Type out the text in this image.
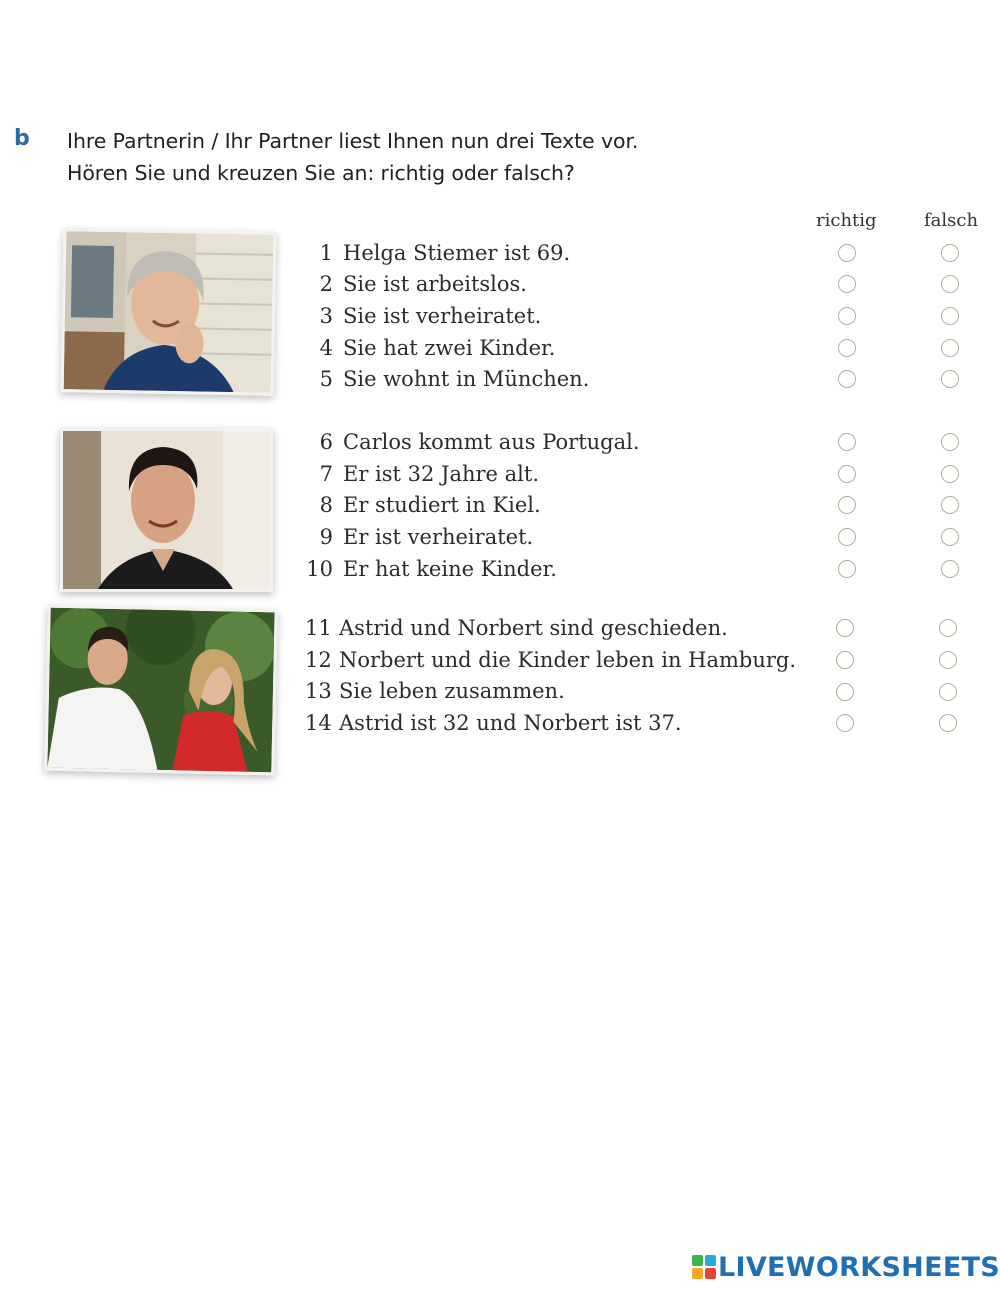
b Ihre Partnerin / Ihr Partner liest Ihnen nun drei Texte vor.
Hören Sie und kreuzen Sie an: richtig oder falsch?
richtig	falsch
1 Helga Stiemer ist 69.
2 Sie ist arbeitslos.
3 Sie ist verheiratet.
4 Sie hat zwei Kinder.
5 Sie wohnt in München.
6 Carlos kommt aus Portugal.
7 Er ist 32 Jahre alt.
8 Er studiert in Kiel.
9 Er ist verheiratet.
10 Er hat keine Kinder.
11 Astrid und Norbert sind geschieden.
12 Norbert und die Kinder leben in Hamburg.
13 Sie leben zusammen.
14 Astrid ist 32 und Norbert ist 37.
LIVEWORKSHEETS
